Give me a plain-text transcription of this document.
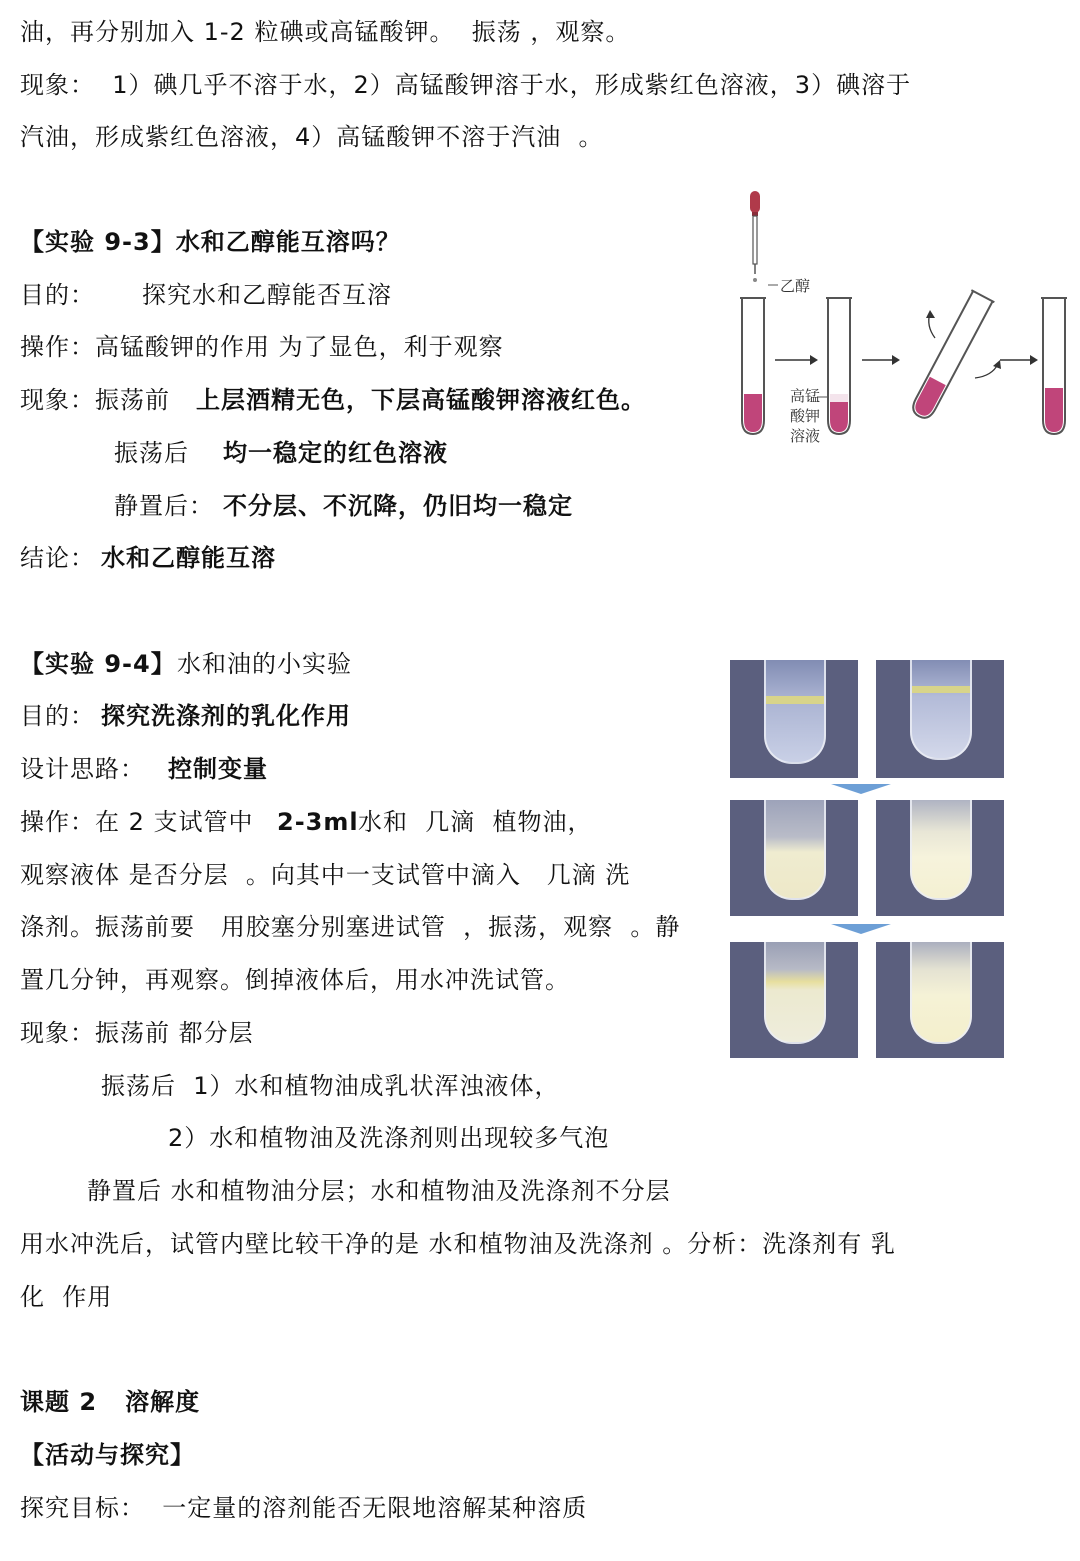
油，再分别加入 1-2 粒碘或高锰酸钾。  振荡 ，观察。
现象：  1）碘几乎不溶于水，2）高锰酸钾溶于水，形成紫红色溶液，3）碘溶于
汽油，形成紫红色溶液，4）高锰酸钾不溶于汽油  。
【实验 9-3】水和乙醇能互溶吗？
目的： 探究水和乙醇能否互溶
操作：高锰酸钾的作用 为了显色，利于观察
现象：振荡前 上层酒精无色，下层高锰酸钾溶液红色。
振荡后 均一稳定的红色溶液
静置后： 不分层、不沉降，仍旧均一稳定
结论： 水和乙醇能互溶
乙醇
高锰
酸钾
溶液
【实验 9-4】 水和油的小实验
目的： 探究洗涤剂的乳化作用
设计思路： 控制变量
操作：在 2 支试管中 2-3ml 水和  几滴  植物油，
观察液体 是否分层  。向其中一支试管中滴入   几滴 洗
涤剂。振荡前要   用胶塞分别塞进试管  ，振荡，观察  。静
置几分钟，再观察。倒掉液体后，用水冲洗试管。
现象：振荡前 都分层
振荡后  1）水和植物油成乳状浑浊液体，
2）水和植物油及洗涤剂则出现较多气泡
静置后 水和植物油分层；水和植物油及洗涤剂不分层
用水冲洗后，试管内壁比较干净的是 水和植物油及洗涤剂 。分析：洗涤剂有 乳
化  作用
课题 2   溶解度
【活动与探究】
探究目标：  一定量的溶剂能否无限地溶解某种溶质
